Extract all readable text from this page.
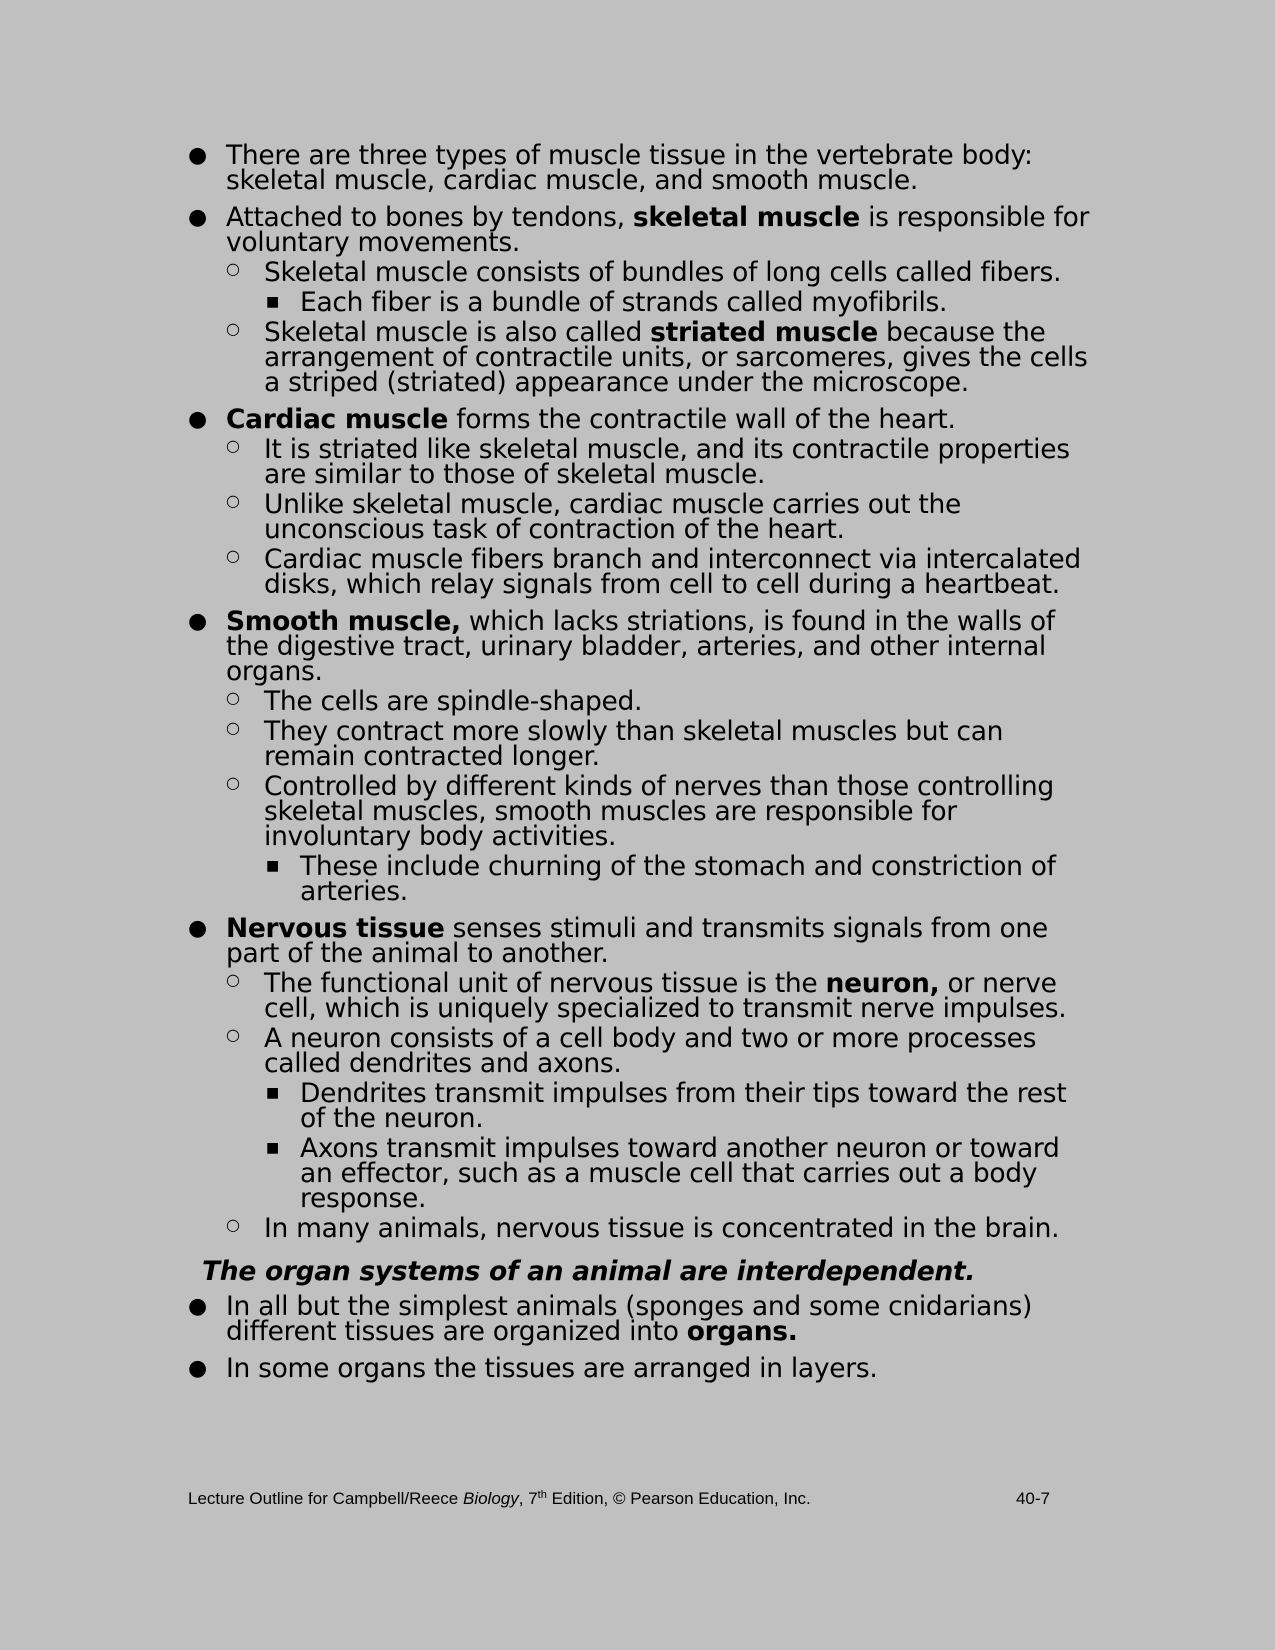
● There are three types of muscle tissue in the vertebrate body: skeletal muscle, cardiac muscle, and smooth muscle.
● Attached to bones by tendons, skeletal muscle is responsible for voluntary movements.
○ Skeletal muscle consists of bundles of long cells called fibers.
■ Each fiber is a bundle of strands called myofibrils.
○ Skeletal muscle is also called striated muscle because the arrangement of contractile units, or sarcomeres, gives the cells a striped (striated) appearance under the microscope.
● Cardiac muscle forms the contractile wall of the heart.
○ It is striated like skeletal muscle, and its contractile properties are similar to those of skeletal muscle.
○ Unlike skeletal muscle, cardiac muscle carries out the unconscious task of contraction of the heart.
○ Cardiac muscle fibers branch and interconnect via intercalated disks, which relay signals from cell to cell during a heartbeat.
● Smooth muscle, which lacks striations, is found in the walls of the digestive tract, urinary bladder, arteries, and other internal organs.
○ The cells are spindle-shaped.
○ They contract more slowly than skeletal muscles but can remain contracted longer.
○ Controlled by different kinds of nerves than those controlling skeletal muscles, smooth muscles are responsible for involuntary body activities.
■ These include churning of the stomach and constriction of arteries.
● Nervous tissue senses stimuli and transmits signals from one part of the animal to another.
○ The functional unit of nervous tissue is the neuron, or nerve cell, which is uniquely specialized to transmit nerve impulses.
○ A neuron consists of a cell body and two or more processes called dendrites and axons.
■ Dendrites transmit impulses from their tips toward the rest of the neuron.
■ Axons transmit impulses toward another neuron or toward an effector, such as a muscle cell that carries out a body response.
○ In many animals, nervous tissue is concentrated in the brain.
The organ systems of an animal are interdependent.
● In all but the simplest animals (sponges and some cnidarians) different tissues are organized into organs.
● In some organs the tissues are arranged in layers.
Lecture Outline for Campbell/Reece Biology, 7th Edition, © Pearson Education, Inc.	40-7
